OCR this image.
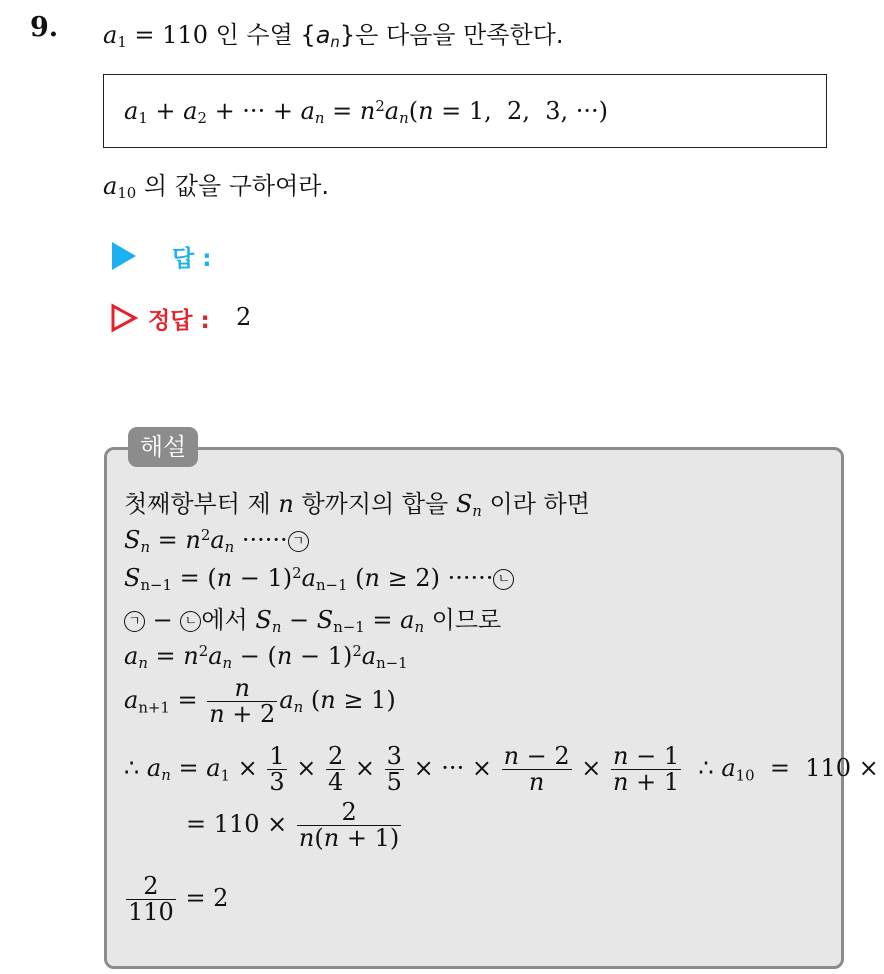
9. $a_1 = 110$ 인 수열 $\{a_n\}$은 다음을 만족한다.
$a_1 + a_2$ + ··· + $a_n = n^2a_n(n = 1$,  2,  3, ···)
$a_{10}$ 의 값을 구하여라.
답 :
정답 : 2
해설
첫째항부터 제 n 항까지의 합을 $S_n$ 이라 하면
$S_n = n^2a_n$ ······ ㄱ
$S_{n-1} = (n - 1)^2a_{n-1}$ (n ≥ 2) ······ ㄴ
ㄱ − ㄴ 에서 $S_n - S_{n-1} = a_n$ 이므로
$a_n = n^2a_n - (n - 1)^2a_{n-1}$
$a_{n+1} = \frac{n}{n + 2} a_n$ (n ≥ 1)
∴ $a_n = a_1 \times \frac{1}{3} \times \frac{2}{4} \times \frac{3}{5}$ × ··· × $\frac{n - 2}{n} \times \frac{n - 1}{n + 1}$ ∴ $a_{10} = 110$ ×
= $110 \times \frac{2}{n(n + 1)}$
$\frac{2}{110} = 2$
